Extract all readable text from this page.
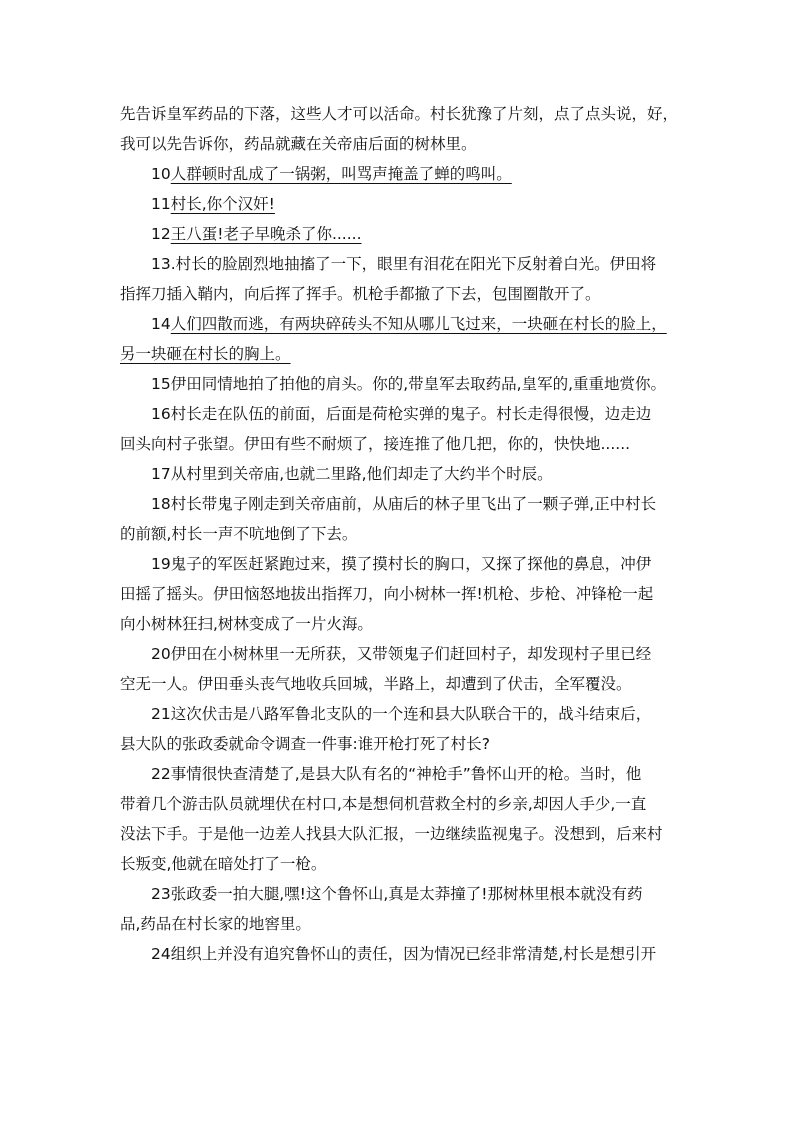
先告诉皇军药品的下落，这些人才可以活命。村长犹豫了片刻，点了点头说，好，
我可以先告诉你，药品就藏在关帝庙后面的树林里。
10人群顿时乱成了一锅粥，叫骂声掩盖了蝉的鸣叫。
11村长,你个汉奸!
12王八蛋!老子早晚杀了你......
13.村长的脸剧烈地抽搐了一下，眼里有泪花在阳光下反射着白光。伊田将
指挥刀插入鞘内，向后挥了挥手。机枪手都撤了下去，包围圈散开了。
14人们四散而逃，有两块碎砖头不知从哪儿飞过来，一块砸在村长的脸上，
另一块砸在村长的胸上。
15伊田同情地拍了拍他的肩头。你的,带皇军去取药品,皇军的,重重地赏你。
16村长走在队伍的前面，后面是荷枪实弹的鬼子。村长走得很慢，边走边
回头向村子张望。伊田有些不耐烦了，接连推了他几把，你的，快快地......
17从村里到关帝庙,也就二里路,他们却走了大约半个时辰。
18村长带鬼子刚走到关帝庙前，从庙后的林子里飞出了一颗子弹,正中村长
的前额,村长一声不吭地倒了下去。
19鬼子的军医赶紧跑过来，摸了摸村长的胸口，又探了探他的鼻息，冲伊
田摇了摇头。伊田恼怒地拔出指挥刀，向小树林一挥!机枪、步枪、冲锋枪一起
向小树林狂扫,树林变成了一片火海。
20伊田在小树林里一无所获，又带领鬼子们赶回村子，却发现村子里已经
空无一人。伊田垂头丧气地收兵回城，半路上，却遭到了伏击，全军覆没。
21这次伏击是八路军鲁北支队的一个连和县大队联合干的，战斗结束后，
县大队的张政委就命令调查一件事:谁开枪打死了村长?
22事情很快查清楚了,是县大队有名的“神枪手”鲁怀山开的枪。当时，他
带着几个游击队员就埋伏在村口,本是想伺机营救全村的乡亲,却因人手少,一直
没法下手。于是他一边差人找县大队汇报，一边继续监视鬼子。没想到，后来村
长叛变,他就在暗处打了一枪。
23张政委一拍大腿,嘿!这个鲁怀山,真是太莽撞了!那树林里根本就没有药
品,药品在村长家的地窖里。
24组织上并没有追究鲁怀山的责任，因为情况已经非常清楚,村长是想引开
